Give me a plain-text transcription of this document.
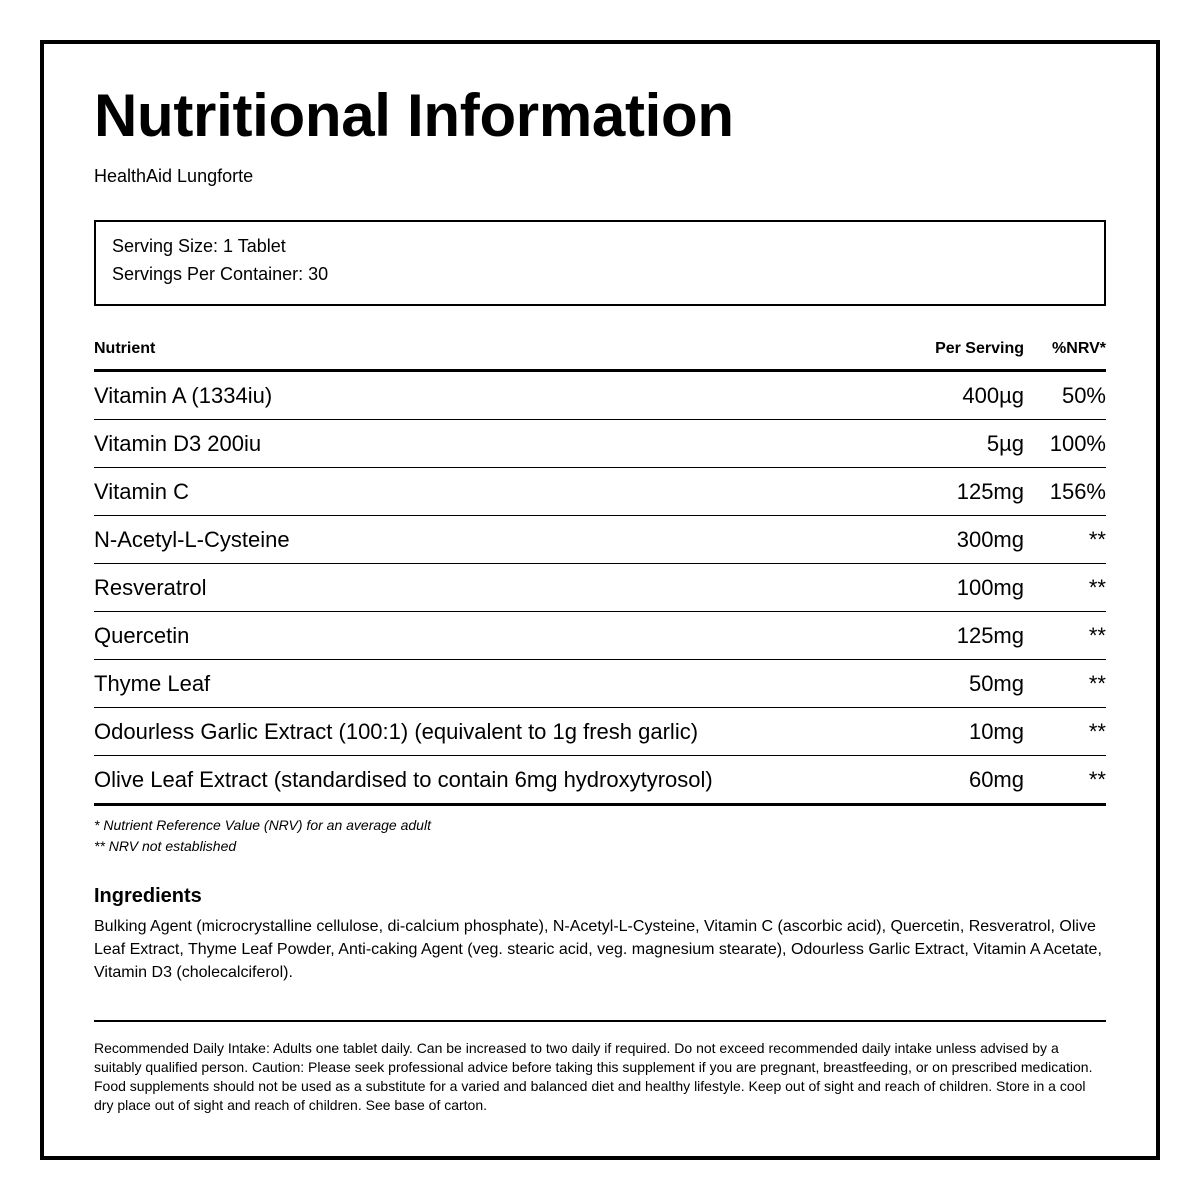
Nutritional Information
HealthAid Lungforte
Serving Size: 1 Tablet
Servings Per Container: 30
Nutrient	Per Serving	%NRV*
Vitamin A (1334iu)	400µg	50%
Vitamin D3 200iu	5µg	100%
Vitamin C	125mg	156%
N-Acetyl-L-Cysteine	300mg	**
Resveratrol	100mg	**
Quercetin	125mg	**
Thyme Leaf	50mg	**
Odourless Garlic Extract (100:1) (equivalent to 1g fresh garlic)	10mg	**
Olive Leaf Extract (standardised to contain 6mg hydroxytyrosol)	60mg	**
* Nutrient Reference Value (NRV) for an average adult
** NRV not established
Ingredients
Bulking Agent (microcrystalline cellulose, di-calcium phosphate), N-Acetyl-L-Cysteine, Vitamin C (ascorbic acid), Quercetin, Resveratrol, Olive Leaf Extract, Thyme Leaf Powder, Anti-caking Agent (veg. stearic acid, veg. magnesium stearate), Odourless Garlic Extract, Vitamin A Acetate, Vitamin D3 (cholecalciferol).
Recommended Daily Intake: Adults one tablet daily. Can be increased to two daily if required. Do not exceed recommended daily intake unless advised by a suitably qualified person. Caution: Please seek professional advice before taking this supplement if you are pregnant, breastfeeding, or on prescribed medication. Food supplements should not be used as a substitute for a varied and balanced diet and healthy lifestyle. Keep out of sight and reach of children. Store in a cool dry place out of sight and reach of children. See base of carton.
